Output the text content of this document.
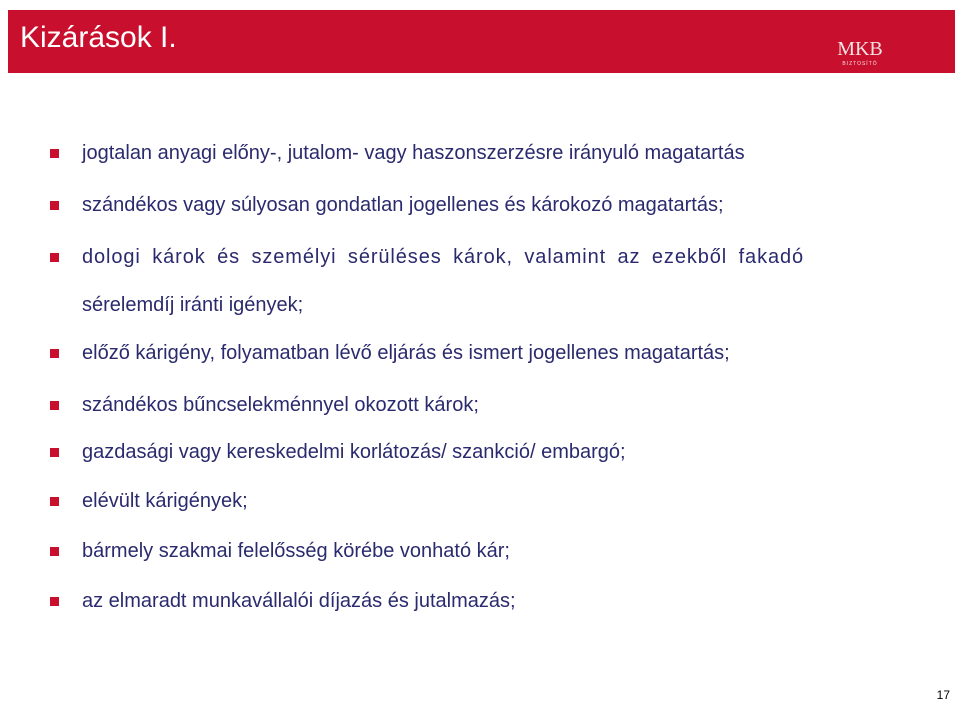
Kizárások I.	MKB
BIZTOSÍTÓ
jogtalan anyagi előny-, jutalom- vagy haszonszerzésre irányuló magatartás
szándékos vagy súlyosan gondatlan jogellenes és károkozó magatartás;
dologi károk és személyi sérüléses károk, valamint az ezekből fakadó
sérelemdíj iránti igények;
előző kárigény, folyamatban lévő eljárás és ismert jogellenes magatartás;
szándékos bűncselekménnyel okozott károk;
gazdasági vagy kereskedelmi korlátozás/ szankció/ embargó;
elévült kárigények;
bármely szakmai felelősség körébe vonható kár;
az elmaradt munkavállalói díjazás és jutalmazás;
17
